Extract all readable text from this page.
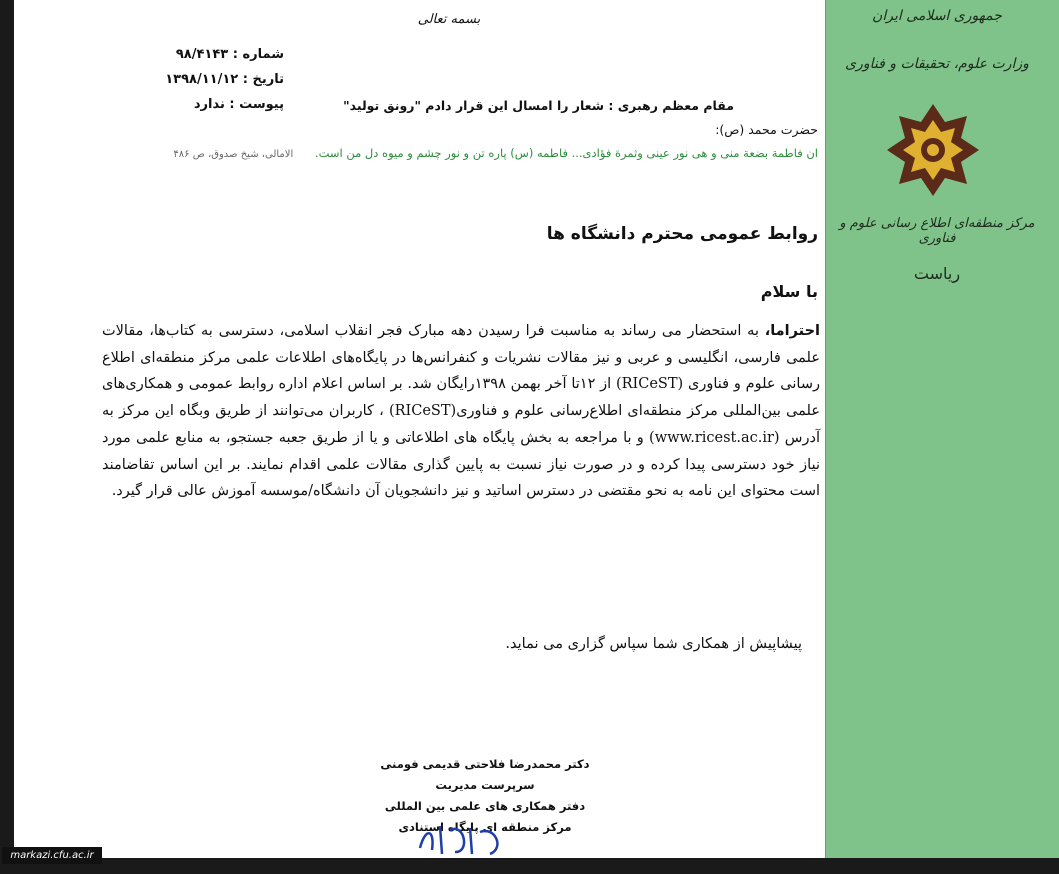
بسمه تعالی
شماره : ۹۸/۴۱۴۳
تاریخ : ۱۳۹۸/۱۱/۱۲
پیوست : ندارد	مقام معظم رهبری : شعار را امسال این قرار دادم "رونق تولید"
حضرت محمد (ص):
ان فاطمة بضعة منى و هى نور عينى وثمرة فؤادى... فاطمه (س) پاره تن و نور چشم و میوه دل من است. الامالی، شیخ صدوق، ص ۴۸۶
روابط عمومی محترم دانشگاه ها
با سلام
احتراما، به استحضار می رساند به مناسبت فرا رسیدن دهه مبارک فجر انقلاب اسلامی، دسترسی به کتاب‌ها، مقالات علمی فارسی، انگلیسی و عربی و نیز مقالات نشریات و کنفرانس‌ها در پایگاه‌های اطلاعات علمی مرکز منطقه‌ای اطلاع رسانی علوم و فناوری (RICeST) از ۱۲تا آخر بهمن ۱۳۹۸رایگان شد. بر اساس اعلام اداره روابط عمومی و همکاری‌های علمی بین‌المللی مرکز منطقه‌ای اطلاع‌رسانی علوم و فناوری(RICeST) ، کاربران می‌توانند از طریق وبگاه این مرکز به آدرس (www.ricest.ac.ir) و با مراجعه به بخش پایگاه های اطلاعاتی و یا از طریق جعبه جستجو، به منابع علمی مورد نیاز خود دسترسی پیدا کرده و در صورت نیاز نسبت به پایین گذاری مقالات علمی اقدام نمایند. بر این اساس تقاضامند است محتوای این نامه به نحو مقتضی در دسترس اساتید و نیز دانشجویان آن دانشگاه/موسسه آموزش عالی قرار گیرد.
پیشاپیش از همکاری شما سپاس گزاری می نماید.
دکتر محمدرضا فلاحتی قدیمی فومنی
سرپرست مدیریت
دفتر همکاری های علمی بین المللی
مرکز منطقه ای پایگاه استنادی
جمهوری اسلامی ایران
وزارت علوم، تحقیقات و فناوری
مرکز منطقه‌ای اطلاع رسانی علوم و فناوری
ریاست
markazi.cfu.ac.ir
